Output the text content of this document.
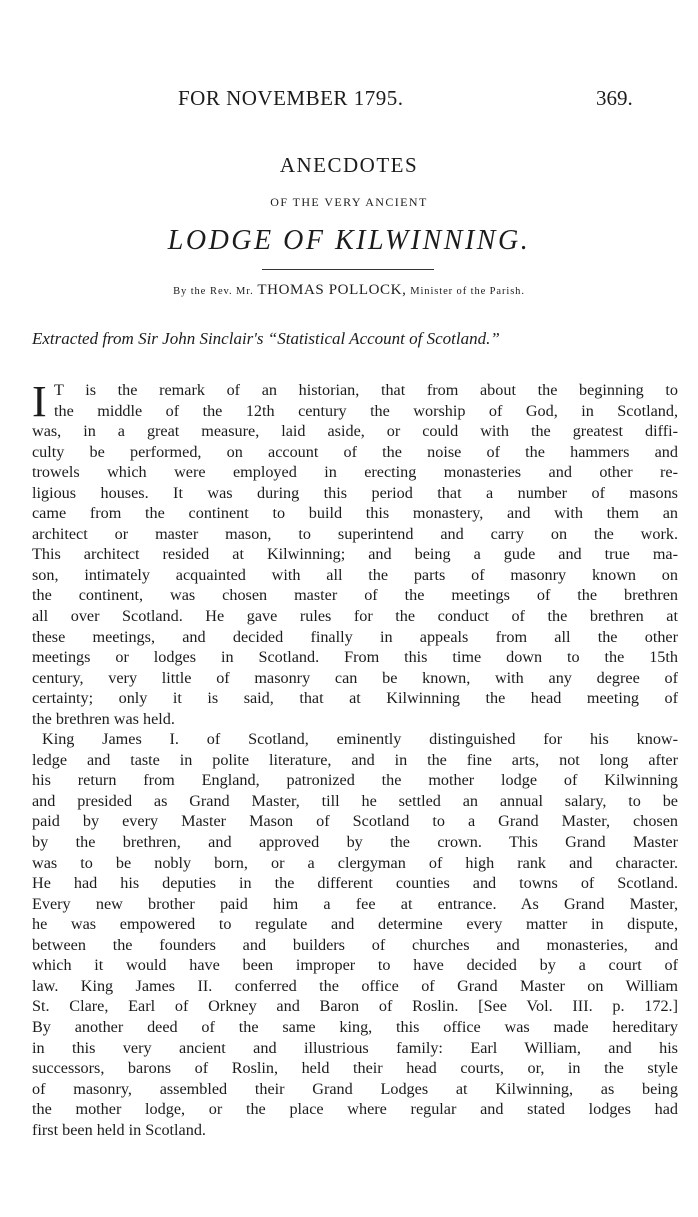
FOR NOVEMBER 1795.	369.
ANECDOTES
OF THE VERY ANCIENT
LODGE OF KILWINNING.
By the Rev. Mr. THOMAS POLLOCK, Minister of the Parish.
Extracted from Sir John Sinclair's “Statistical Account of Scotland.”
I T is the remark of an historian, that from about the beginning to
the middle of the 12th century the worship of God, in Scotland,
was, in a great measure, laid aside, or could with the greatest diffi-
culty be performed, on account of the noise of the hammers and
trowels which were employed in erecting monasteries and other re-
ligious houses. It was during this period that a number of masons
came from the continent to build this monastery, and with them an
architect or master mason, to superintend and carry on the work.
This architect resided at Kilwinning; and being a gude and true ma-
son, intimately acquainted with all the parts of masonry known on
the continent, was chosen master of the meetings of the brethren
all over Scotland. He gave rules for the conduct of the brethren at
these meetings, and decided finally in appeals from all the other
meetings or lodges in Scotland. From this time down to the 15th
century, very little of masonry can be known, with any degree of
certainty; only it is said, that at Kilwinning the head meeting of
the brethren was held.
King James I. of Scotland, eminently distinguished for his know-
ledge and taste in polite literature, and in the fine arts, not long after
his return from England, patronized the mother lodge of Kilwinning
and presided as Grand Master, till he settled an annual salary, to be
paid by every Master Mason of Scotland to a Grand Master, chosen
by the brethren, and approved by the crown. This Grand Master
was to be nobly born, or a clergyman of high rank and character.
He had his deputies in the different counties and towns of Scotland.
Every new brother paid him a fee at entrance. As Grand Master,
he was empowered to regulate and determine every matter in dispute,
between the founders and builders of churches and monasteries, and
which it would have been improper to have decided by a court of
law. King James II. conferred the office of Grand Master on William
St. Clare, Earl of Orkney and Baron of Roslin. [See Vol. III. p. 172.]
By another deed of the same king, this office was made hereditary
in this very ancient and illustrious family: Earl William, and his
successors, barons of Roslin, held their head courts, or, in the style
of masonry, assembled their Grand Lodges at Kilwinning, as being
the mother lodge, or the place where regular and stated lodges had
first been held in Scotland.
